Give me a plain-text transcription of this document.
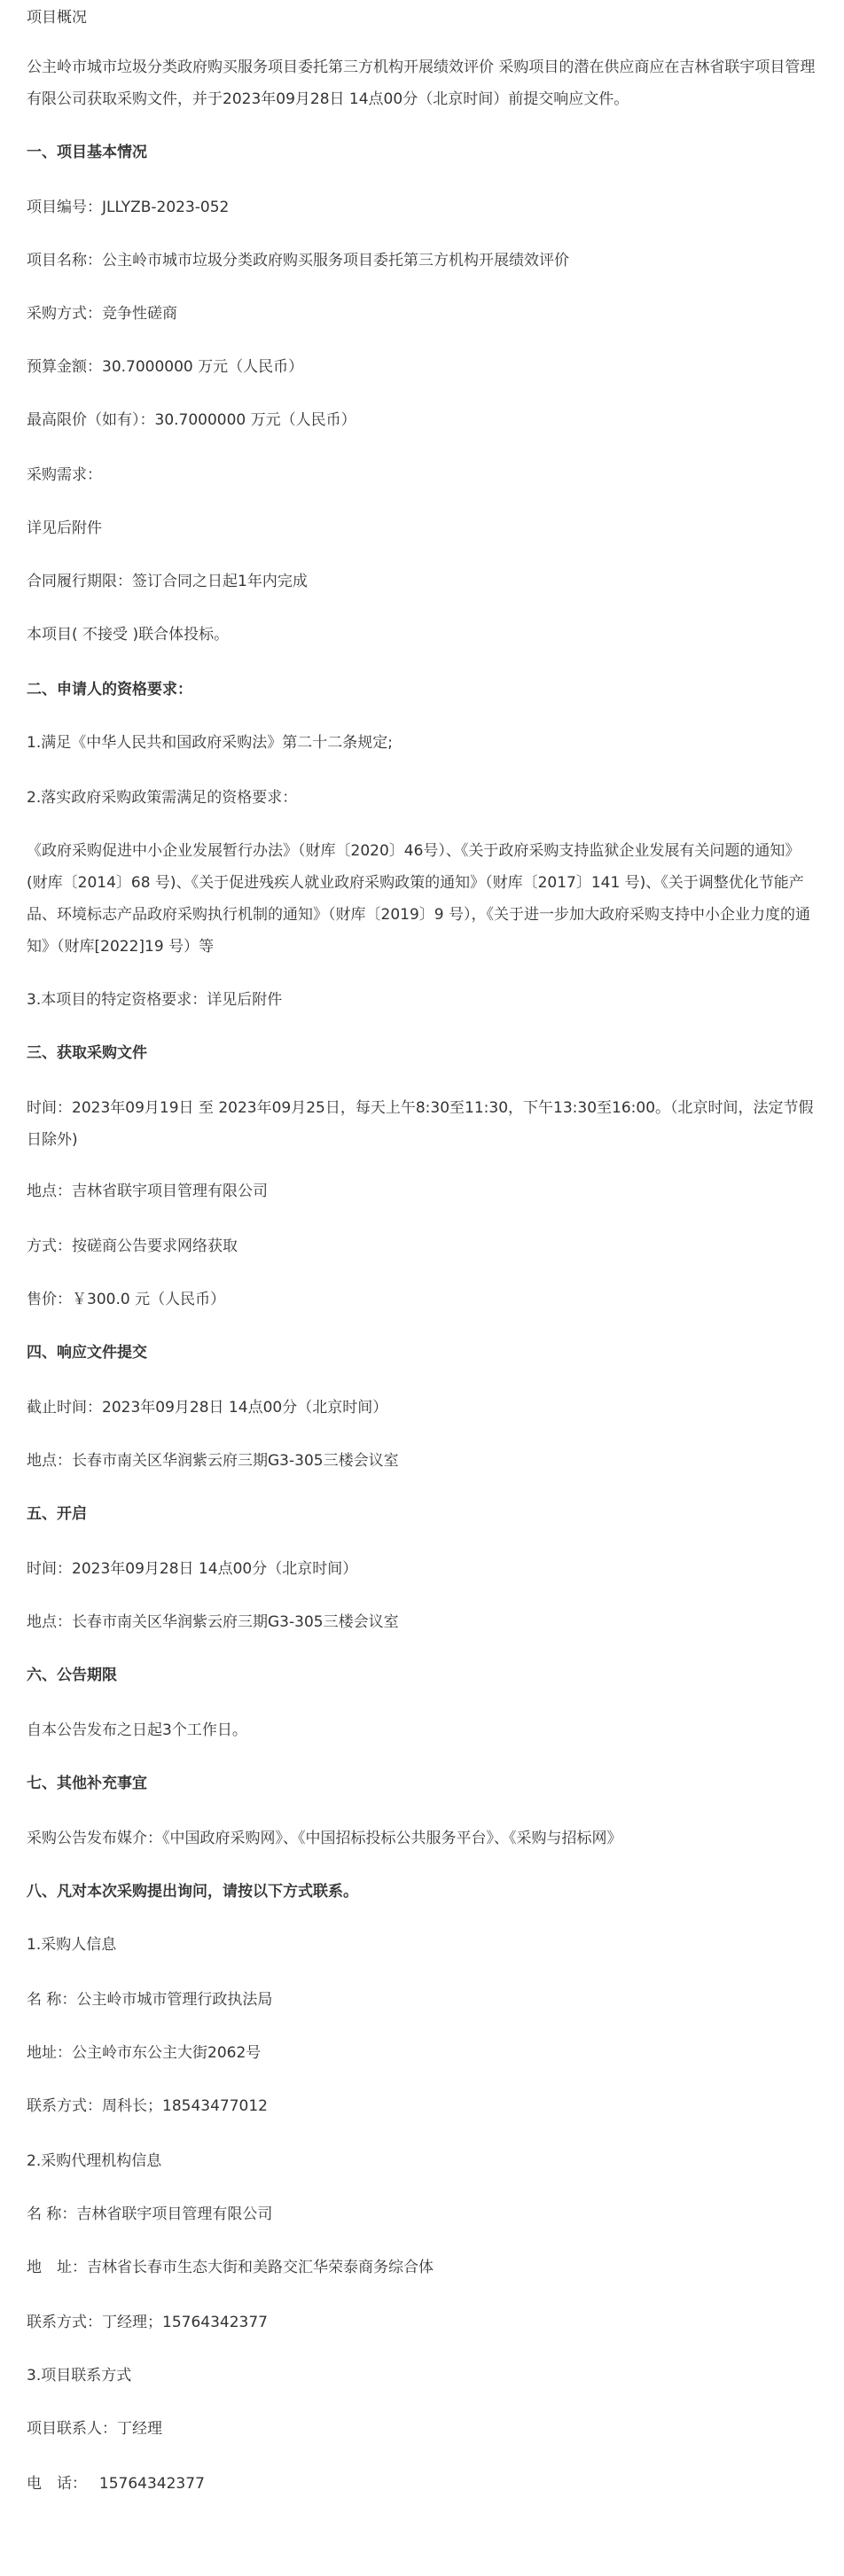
项目概况
公主岭市城市垃圾分类政府购买服务项目委托第三方机构开展绩效评价 采购项目的潜在供应商应在吉林省联宇项目管理有限公司获取采购文件，并于2023年09月28日 14点00分（北京时间）前提交响应文件。
一、项目基本情况
项目编号：JLLYZB-2023-052
项目名称：公主岭市城市垃圾分类政府购买服务项目委托第三方机构开展绩效评价
采购方式：竞争性磋商
预算金额：30.7000000 万元（人民币）
最高限价（如有）：30.7000000 万元（人民币）
采购需求：
详见后附件
合同履行期限：签订合同之日起1年内完成
本项目( 不接受 )联合体投标。
二、申请人的资格要求：
1.满足《中华人民共和国政府采购法》第二十二条规定;
2.落实政府采购政策需满足的资格要求：
《政府采购促进中小企业发展暂行办法》（财库〔2020〕46号）、《关于政府采购支持监狱企业发展有关问题的通知》(财库〔2014〕68 号)、《关于促进残疾人就业政府采购政策的通知》（财库〔2017〕141 号)、《关于调整优化节能产品、环境标志产品政府采购执行机制的通知》（财库〔2019〕9 号），《关于进一步加大政府采购支持中小企业力度的通知》（财库[2022]19 号）等
3.本项目的特定资格要求：详见后附件
三、获取采购文件
时间：2023年09月19日 至 2023年09月25日，每天上午8:30至11:30，下午13:30至16:00。（北京时间，法定节假日除外)
地点：吉林省联宇项目管理有限公司
方式：按磋商公告要求网络获取
售价：￥300.0 元（人民币）
四、响应文件提交
截止时间：2023年09月28日 14点00分（北京时间）
地点：长春市南关区华润紫云府三期G3-305三楼会议室
五、开启
时间：2023年09月28日 14点00分（北京时间）
地点：长春市南关区华润紫云府三期G3-305三楼会议室
六、公告期限
自本公告发布之日起3个工作日。
七、其他补充事宜
采购公告发布媒介：《中国政府采购网》、《中国招标投标公共服务平台》、《采购与招标网》
八、凡对本次采购提出询问，请按以下方式联系。
1.采购人信息
名 称：公主岭市城市管理行政执法局
地址：公主岭市东公主大街2062号
联系方式：周科长；18543477012
2.采购代理机构信息
名 称：吉林省联宇项目管理有限公司
地　址：吉林省长春市生态大街和美路交汇华荣泰商务综合体
联系方式：丁经理；15764342377
3.项目联系方式
项目联系人：丁经理
电　话：　 15764342377
